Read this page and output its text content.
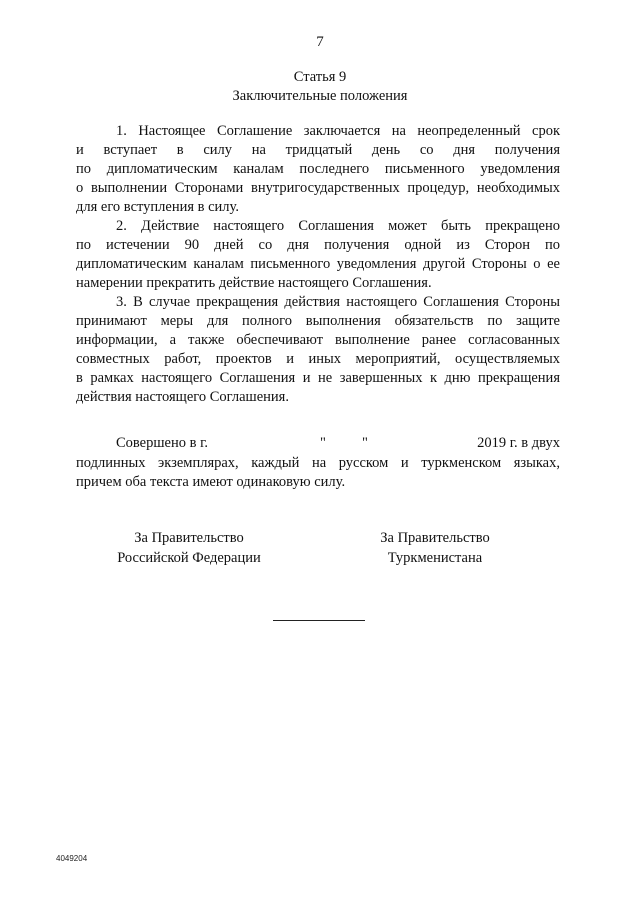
7
Статья 9
Заключительные положения
1. Настоящее Соглашение заключается на неопределенный срок
и вступает в силу на тридцатый день со дня получения
по дипломатическим каналам последнего письменного уведомления
о выполнении Сторонами внутригосударственных процедур, необходимых
для его вступления в силу.
2. Действие настоящего Соглашения может быть прекращено
по истечении 90 дней со дня получения одной из Сторон по
дипломатическим каналам письменного уведомления другой Стороны о ее
намерении прекратить действие настоящего Соглашения.
3. В случае прекращения действия настоящего Соглашения Стороны
принимают меры для полного выполнения обязательств по защите
информации, а также обеспечивают выполнение ранее согласованных
совместных работ, проектов и иных мероприятий, осуществляемых
в рамках настоящего Соглашения и не завершенных к дню прекращения
действия настоящего Соглашения.
Совершено в г.	" "	2019 г. в двух
подлинных экземплярах, каждый на русском и туркменском языках,
причем оба текста имеют одинаковую силу.
За Правительство
Российской Федерации
За Правительство
Туркменистана
4049204
